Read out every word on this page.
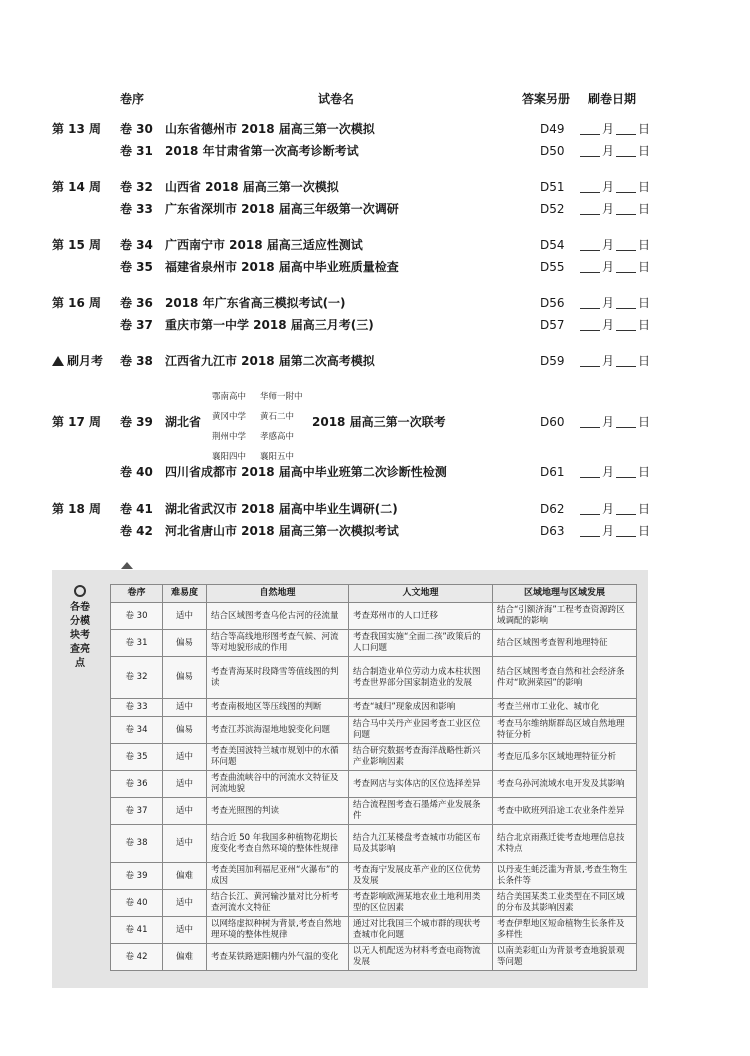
卷序	试卷名	答案另册 刷卷日期
第 13 周 卷 30 山东省德州市 2018 届高三第一次模拟	D49	月 日
卷 31 2018 年甘肃省第一次高考诊断考试	D50	月 日
第 14 周 卷 32 山西省 2018 届高三第一次模拟	D51	月 日
卷 33 广东省深圳市 2018 届高三年级第一次调研	D52	月 日
第 15 周 卷 34 广西南宁市 2018 届高三适应性测试	D54	月 日
卷 35 福建省泉州市 2018 届高中毕业班质量检查	D55	月 日
第 16 周 卷 36 2018 年广东省高三模拟考试(一)	D56	月 日
卷 37 重庆市第一中学 2018 届高三月考(三)	D57	月 日
刷月考 卷 38 江西省九江市 2018 届第二次高考模拟	D59	月 日
第 17 周 卷 39 湖北省	2018 届高三第一次联考	D60	月 日
卷 40 四川省成都市 2018 届高中毕业班第二次诊断性检测	D61	月 日
第 18 周 卷 41 湖北省武汉市 2018 届高中毕业生调研(二)	D62	月 日
卷 42 河北省唐山市 2018 届高三第一次模拟考试	D63	月 日
鄂南高中 华师一附中 黄冈中学 黄石二中 荆州中学 孝感高中 襄阳四中 襄阳五中
各卷分模块考查亮点
卷序	难易度	自然地理	人文地理	区域地理与区域发展
卷 30	适中	结合区域图考查乌伦古河的径流量	考查郑州市的人口迁移	结合“引额济海”工程考查资源跨区域调配的影响
卷 31	偏易	结合等高线地形图考查气候、河流等对地貌形成的作用	考查我国实施“全面二孩”政策后的人口问题	结合区域图考查智利地理特征
卷 32	偏易	考查青海某时段降雪等值线图的判读	结合制造业单位劳动力成本柱状图考查世界部分国家制造业的发展	结合区域图考查自然和社会经济条件对“欧洲菜园”的影响
卷 33	适中	考查南极地区等压线图的判断	考查“城归”现象成因和影响	考查兰州市工业化、城市化
卷 34	偏易	考查江苏滨海湿地地貌变化问题	结合马中关丹产业园考查工业区位问题	考查马尔维纳斯群岛区域自然地理特征分析
卷 35	适中	考查美国波特兰城市规划中的水循环问题	结合研究数据考查海洋战略性新兴产业影响因素	考查厄瓜多尔区域地理特征分析
卷 36	适中	考查曲流峡谷中的河流水文特征及河流地貌	考查网店与实体店的区位选择差异	考查乌孙河流域水电开发及其影响
卷 37	适中	考查光照图的判读	结合流程图考查石墨烯产业发展条件	考查中欧班列沿途工农业条件差异
卷 38	适中	结合近 50 年我国多种植物花期长度变化考查自然环境的整体性规律	结合九江某楼盘考查城市功能区布局及其影响	结合北京雨燕迁徙考查地理信息技术特点
卷 39	偏难	考查美国加利福尼亚州“火瀑布”的成因	考查海宁发展皮革产业的区位优势及发展	以丹麦生蚝泛滥为背景,考查生物生长条件等
卷 40	适中	结合长江、黄河输沙量对比分析考查河流水文特征	考查影响欧洲某地农业土地利用类型的区位因素	结合美国某类工业类型在不同区域的分布及其影响因素
卷 41	适中	以网络虚拟种树为背景,考查自然地理环境的整体性规律	通过对比我国三个城市群的现状考查城市化问题	考查伊犁地区短命植物生长条件及多样性
卷 42	偏难	考查某铁路遮阳棚内外气温的变化	以无人机配送为材料考查电商物流发展	以南美彩虹山为背景考查地貌景观等问题
